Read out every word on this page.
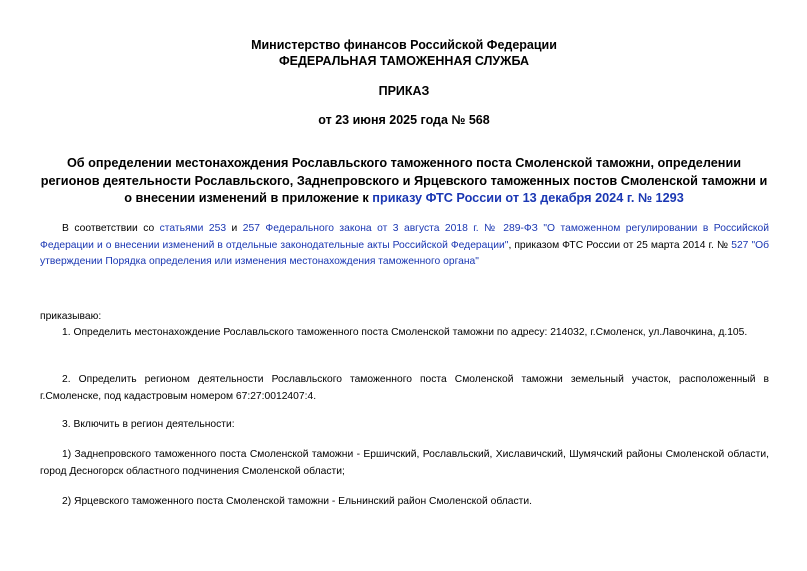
Министерство финансов Российской Федерации
ФЕДЕРАЛЬНАЯ ТАМОЖЕННАЯ СЛУЖБА
ПРИКАЗ
от 23 июня 2025 года № 568
Об определении местонахождения Рославльского таможенного поста Смоленской таможни, определении регионов деятельности Рославльского, Заднепровского и Ярцевского таможенных постов Смоленской таможни и о внесении изменений в приложение к приказу ФТС России от 13 декабря 2024 г. № 1293
В соответствии со статьями 253 и 257 Федерального закона от 3 августа 2018 г. № 289-ФЗ "О таможенном регулировании в Российской Федерации и о внесении изменений в отдельные законодательные акты Российской Федерации", приказом ФТС России от 25 марта 2014 г. № 527 "Об утверждении Порядка определения или изменения местонахождения таможенного органа"
приказываю:
1. Определить местонахождение Рославльского таможенного поста Смоленской таможни по адресу: 214032, г.Смоленск, ул.Лавочкина, д.105.
2. Определить регионом деятельности Рославльского таможенного поста Смоленской таможни земельный участок, расположенный в г.Смоленске, под кадастровым номером 67:27:0012407:4.
3. Включить в регион деятельности:
1) Заднепровского таможенного поста Смоленской таможни - Ершичский, Рославльский, Хиславичский, Шумячский районы Смоленской области, город Десногорск областного подчинения Смоленской области;
2) Ярцевского таможенного поста Смоленской таможни - Ельнинский район Смоленской области.
